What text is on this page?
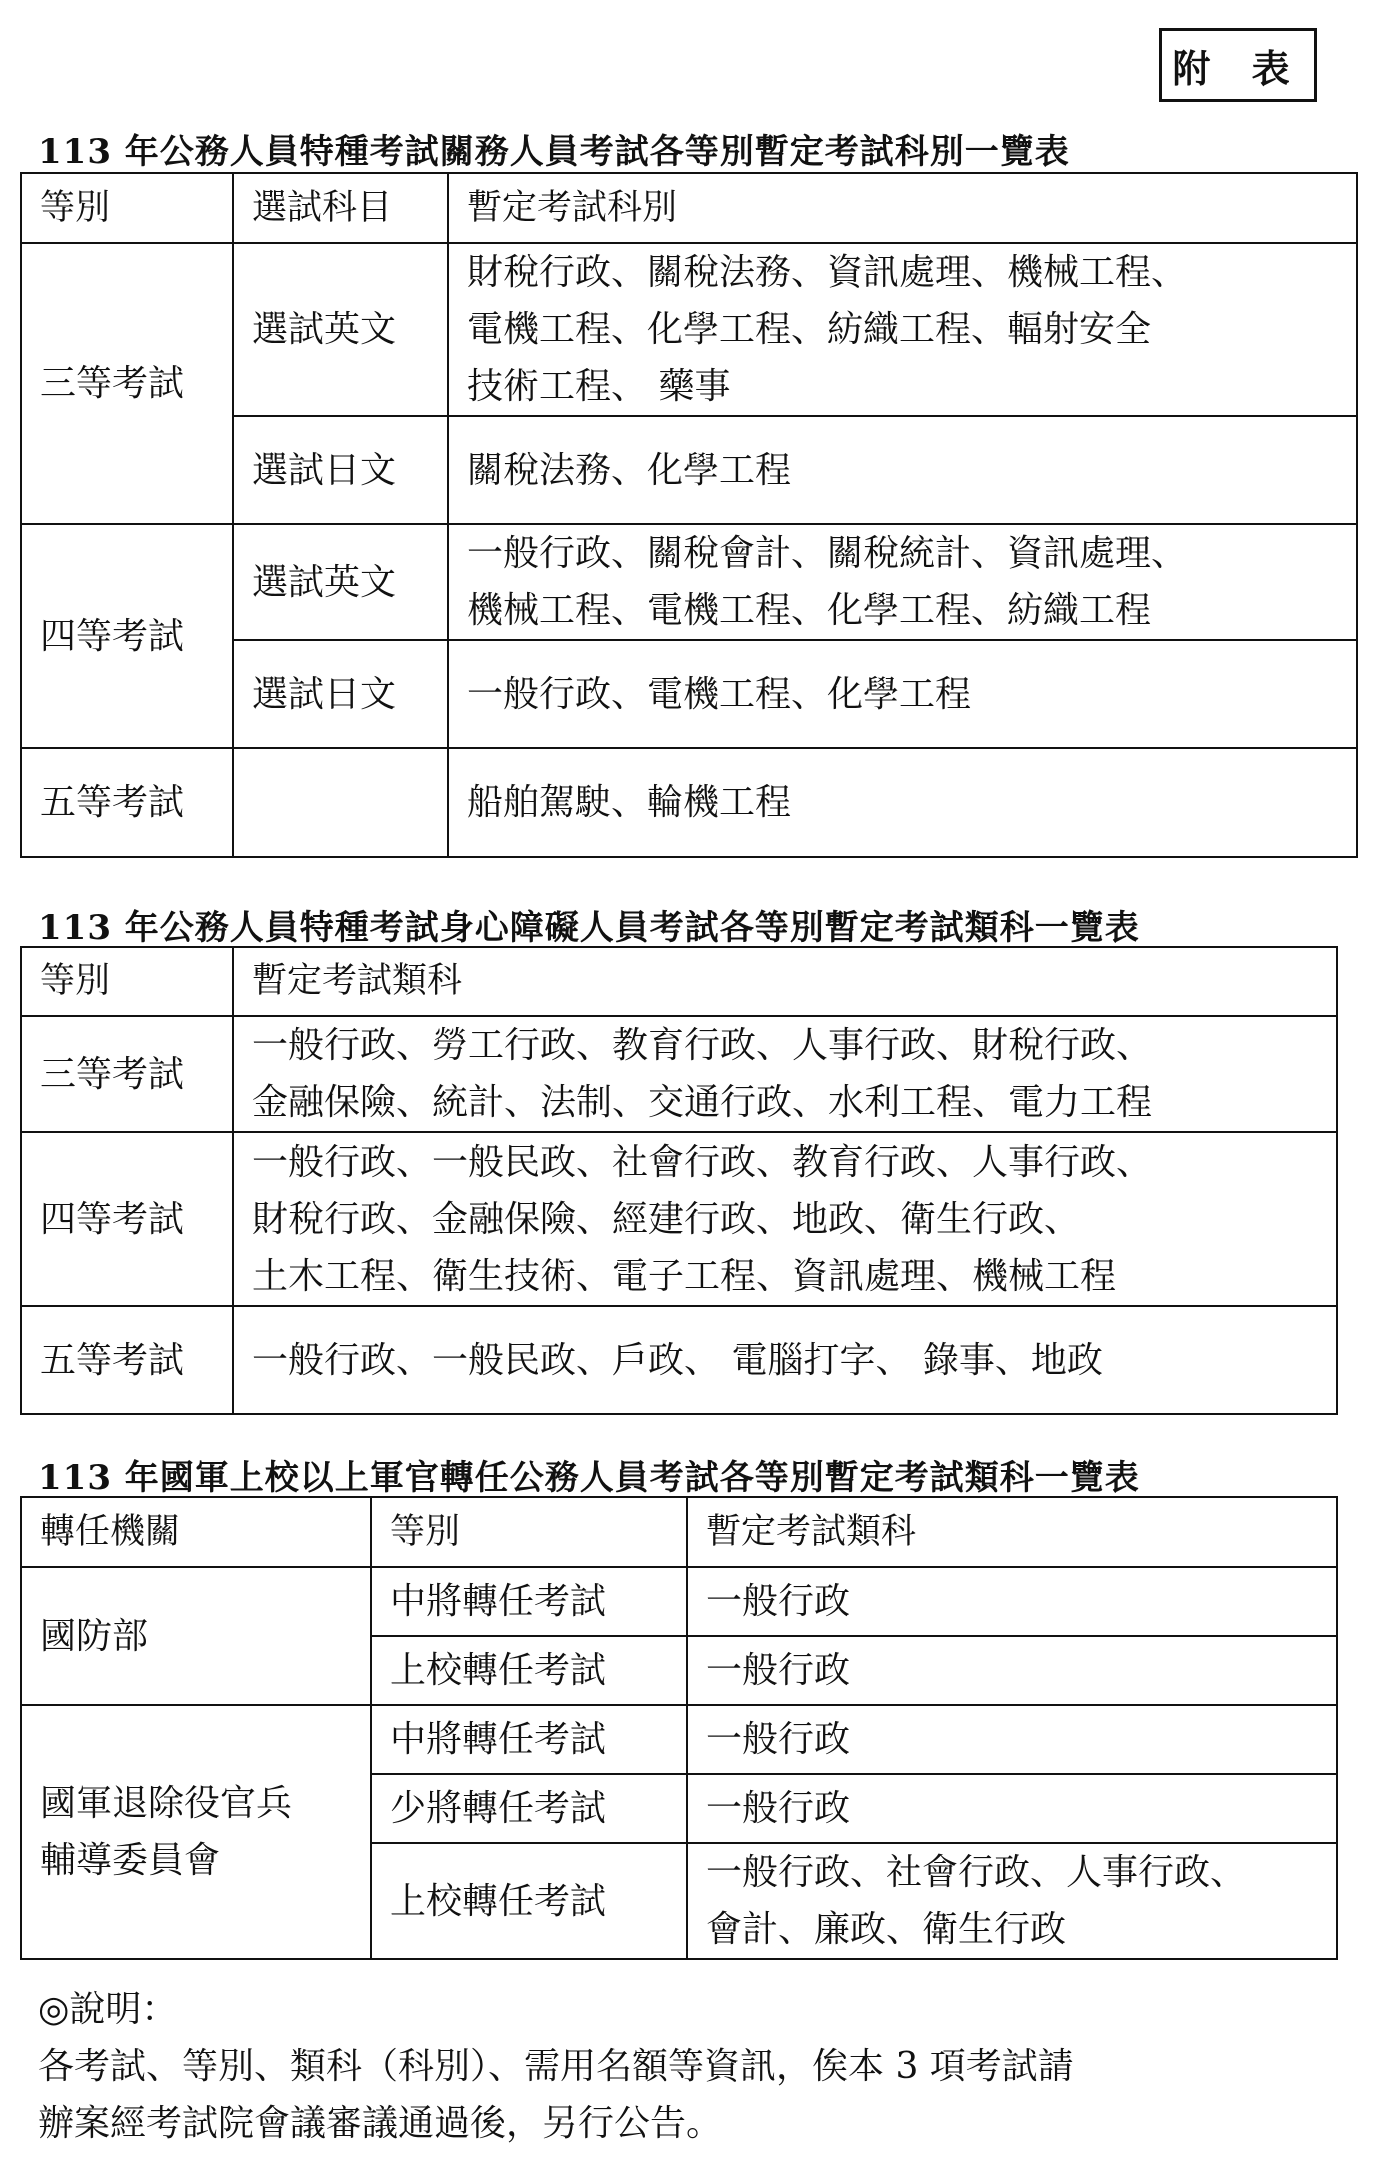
附 表
113 年公務人員特種考試關務人員考試各等別暫定考試科別一覽表
等別	選試科目	暫定考試科別
三等考試	選試英文	財稅行政、關稅法務、資訊處理、機械工程、
電機工程、化學工程、紡織工程、輻射安全
技術工程、 藥事

	選試日文	關稅法務、化學工程
四等考試	選試英文	一般行政、關稅會計、關稅統計、資訊處理、
機械工程、電機工程、化學工程、紡織工程

	選試日文	一般行政、電機工程、化學工程
五等考試		船舶駕駛、輪機工程
113 年公務人員特種考試身心障礙人員考試各等別暫定考試類科一覽表
等別	暫定考試類科
三等考試	一般行政、勞工行政、教育行政、人事行政、財稅行政、
金融保險、統計、法制、交通行政、水利工程、電力工程

四等考試	一般行政、一般民政、社會行政、教育行政、人事行政、
財稅行政、金融保險、經建行政、地政、衛生行政、
土木工程、衛生技術、電子工程、資訊處理、機械工程

五等考試	一般行政、一般民政、戶政、 電腦打字、 錄事、地政
113 年國軍上校以上軍官轉任公務人員考試各等別暫定考試類科一覽表
轉任機關	等別	暫定考試類科
國防部	中將轉任考試	一般行政
	上校轉任考試	一般行政

國軍退除役官兵
輔導委員會	中將轉任考試	一般行政
	少將轉任考試	一般行政
	上校轉任考試	一般行政、社會行政、人事行政、
會計、廉政、衛生行政
◎說明：
各考試、等別、類科（科別）、需用名額等資訊，俟本 3 項考試請
辦案經考試院會議審議通過後，另行公告。
